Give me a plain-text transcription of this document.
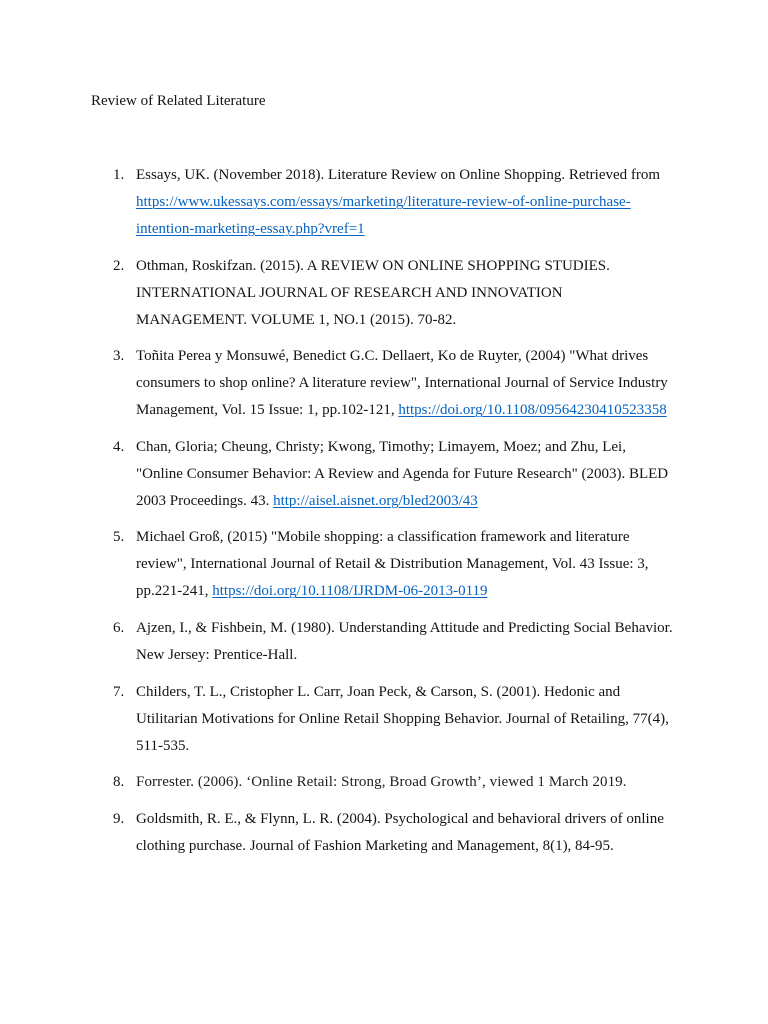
Review of Related Literature
1. Essays, UK. (November 2018). Literature Review on Online Shopping. Retrieved from
https://www.ukessays.com/essays/marketing/literature-review-of-online-purchase-
intention-marketing-essay.php?vref=1
2. Othman, Roskifzan. (2015). A REVIEW ON ONLINE SHOPPING STUDIES.
INTERNATIONAL JOURNAL OF RESEARCH AND INNOVATION
MANAGEMENT. VOLUME 1, NO.1 (2015). 70-82.
3. Toñita Perea y Monsuwé, Benedict G.C. Dellaert, Ko de Ruyter, (2004) "What drives
consumers to shop online? A literature review", International Journal of Service Industry
Management, Vol. 15 Issue: 1, pp.102-121, https://doi.org/10.1108/09564230410523358
4. Chan, Gloria; Cheung, Christy; Kwong, Timothy; Limayem, Moez; and Zhu, Lei,
"Online Consumer Behavior: A Review and Agenda for Future Research" (2003). BLED
2003 Proceedings. 43. http://aisel.aisnet.org/bled2003/43
5. Michael Groß, (2015) "Mobile shopping: a classification framework and literature
review", International Journal of Retail & Distribution Management, Vol. 43 Issue: 3,
pp.221-241, https://doi.org/10.1108/IJRDM-06-2013-0119
6. Ajzen, I., & Fishbein, M. (1980). Understanding Attitude and Predicting Social Behavior.
New Jersey: Prentice-Hall.
7. Childers, T. L., Cristopher L. Carr, Joan Peck, & Carson, S. (2001). Hedonic and
Utilitarian Motivations for Online Retail Shopping Behavior. Journal of Retailing, 77(4),
511-535.
8. Forrester. (2006). ‘Online Retail: Strong, Broad Growth’, viewed 1 March 2019.
9. Goldsmith, R. E., & Flynn, L. R. (2004). Psychological and behavioral drivers of online
clothing purchase. Journal of Fashion Marketing and Management, 8(1), 84-95.
